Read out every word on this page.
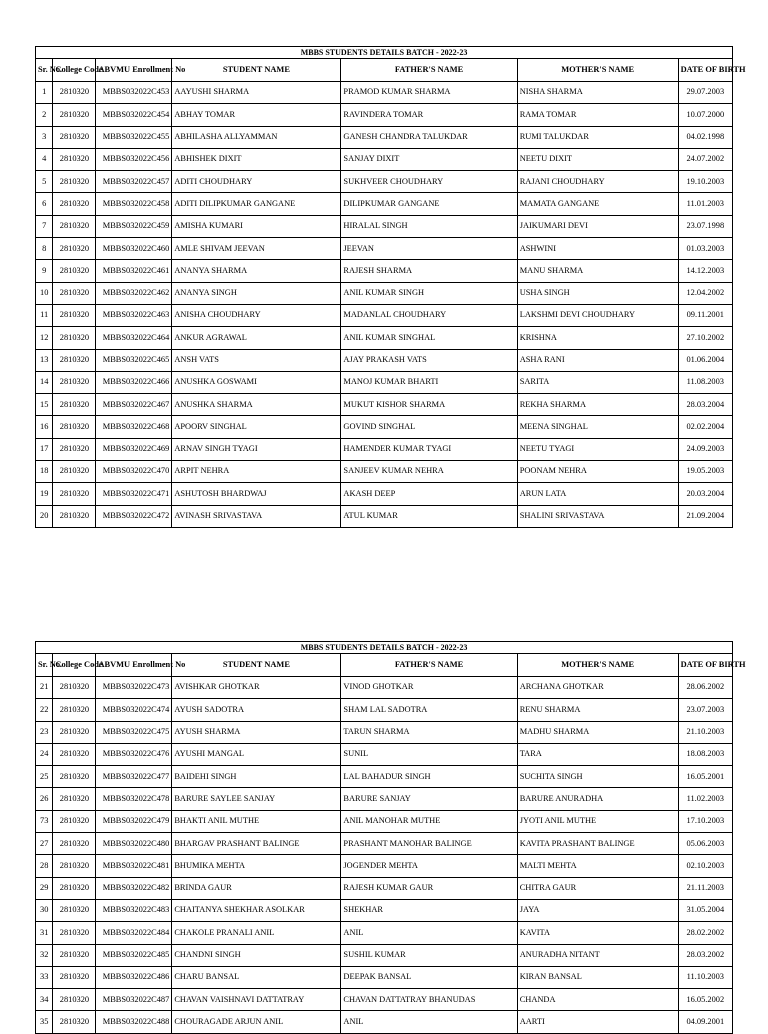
MBBS STUDENTS DETAILS BATCH - 2022-23						
Sr. No.	College Code	ABVMU Enrollment No	STUDENT NAME	FATHER'S NAME	MOTHER'S NAME	DATE OF BIRTH
1	2810320	MBBS032022C453	AAYUSHI SHARMA	PRAMOD KUMAR SHARMA	NISHA SHARMA	29.07.2003
2	2810320	MBBS032022C454	ABHAY TOMAR	RAVINDERA TOMAR	RAMA TOMAR	10.07.2000
3	2810320	MBBS032022C455	ABHILASHA ALLYAMMAN	GANESH CHANDRA TALUKDAR	RUMI TALUKDAR	04.02.1998
4	2810320	MBBS032022C456	ABHISHEK DIXIT	SANJAY DIXIT	NEETU DIXIT	24.07.2002
5	2810320	MBBS032022C457	ADITI CHOUDHARY	SUKHVEER CHOUDHARY	RAJANI CHOUDHARY	19.10.2003
6	2810320	MBBS032022C458	ADITI DILIPKUMAR GANGANE	DILIPKUMAR GANGANE	MAMATA GANGANE	11.01.2003
7	2810320	MBBS032022C459	AMISHA KUMARI	HIRALAL SINGH	JAIKUMARI DEVI	23.07.1998
8	2810320	MBBS032022C460	AMLE SHIVAM JEEVAN	JEEVAN	ASHWINI	01.03.2003
9	2810320	MBBS032022C461	ANANYA SHARMA	RAJESH SHARMA	MANU SHARMA	14.12.2003
10	2810320	MBBS032022C462	ANANYA SINGH	ANIL KUMAR SINGH	USHA SINGH	12.04.2002
11	2810320	MBBS032022C463	ANISHA CHOUDHARY	MADANLAL CHOUDHARY	LAKSHMI DEVI CHOUDHARY	09.11.2001
12	2810320	MBBS032022C464	ANKUR AGRAWAL	ANIL KUMAR SINGHAL	KRISHNA	27.10.2002
13	2810320	MBBS032022C465	ANSH VATS	AJAY PRAKASH VATS	ASHA RANI	01.06.2004
14	2810320	MBBS032022C466	ANUSHKA GOSWAMI	MANOJ KUMAR BHARTI	SARITA	11.08.2003
15	2810320	MBBS032022C467	ANUSHKA SHARMA	MUKUT KISHOR SHARMA	REKHA SHARMA	28.03.2004
16	2810320	MBBS032022C468	APOORV SINGHAL	GOVIND SINGHAL	MEENA SINGHAL	02.02.2004
17	2810320	MBBS032022C469	ARNAV SINGH TYAGI	HAMENDER KUMAR TYAGI	NEETU TYAGI	24.09.2003
18	2810320	MBBS032022C470	ARPIT NEHRA	SANJEEV KUMAR NEHRA	POONAM NEHRA	19.05.2003
19	2810320	MBBS032022C471	ASHUTOSH BHARDWAJ	AKASH DEEP	ARUN LATA	20.03.2004
20	2810320	MBBS032022C472	AVINASH SRIVASTAVA	ATUL KUMAR	SHALINI SRIVASTAVA	21.09.2004
MBBS STUDENTS DETAILS BATCH - 2022-23						
Sr. No.	College Code	ABVMU Enrollment No	STUDENT NAME	FATHER'S NAME	MOTHER'S NAME	DATE OF BIRTH
21	2810320	MBBS032022C473	AVISHKAR GHOTKAR	VINOD GHOTKAR	ARCHANA GHOTKAR	28.06.2002
22	2810320	MBBS032022C474	AYUSH SADOTRA	SHAM LAL SADOTRA	RENU SHARMA	23.07.2003
23	2810320	MBBS032022C475	AYUSH SHARMA	TARUN SHARMA	MADHU SHARMA	21.10.2003
24	2810320	MBBS032022C476	AYUSHI MANGAL	SUNIL	TARA	18.08.2003
25	2810320	MBBS032022C477	BAIDEHI SINGH	LAL BAHADUR SINGH	SUCHITA SINGH	16.05.2001
26	2810320	MBBS032022C478	BARURE SAYLEE SANJAY	BARURE SANJAY	BARURE ANURADHA	11.02.2003
73	2810320	MBBS032022C479	BHAKTI ANIL MUTHE	ANIL MANOHAR MUTHE	JYOTI ANIL MUTHE	17.10.2003
27	2810320	MBBS032022C480	BHARGAV PRASHANT BALINGE	PRASHANT MANOHAR BALINGE	KAVITA PRASHANT BALINGE	05.06.2003
28	2810320	MBBS032022C481	BHUMIKA MEHTA	JOGENDER MEHTA	MALTI MEHTA	02.10.2003
29	2810320	MBBS032022C482	BRINDA GAUR	RAJESH KUMAR GAUR	CHITRA GAUR	21.11.2003
30	2810320	MBBS032022C483	CHAITANYA SHEKHAR ASOLKAR	SHEKHAR	JAYA	31.05.2004
31	2810320	MBBS032022C484	CHAKOLE PRANALI ANIL	ANIL	KAVITA	28.02.2002
32	2810320	MBBS032022C485	CHANDNI SINGH	SUSHIL KUMAR	ANURADHA NITANT	28.03.2002
33	2810320	MBBS032022C486	CHARU BANSAL	DEEPAK BANSAL	KIRAN BANSAL	11.10.2003
34	2810320	MBBS032022C487	CHAVAN VAISHNAVI DATTATRAY	CHAVAN DATTATRAY BHANUDAS	CHANDA	16.05.2002
35	2810320	MBBS032022C488	CHOURAGADE ARJUN ANIL	ANIL	AARTI	04.09.2001
